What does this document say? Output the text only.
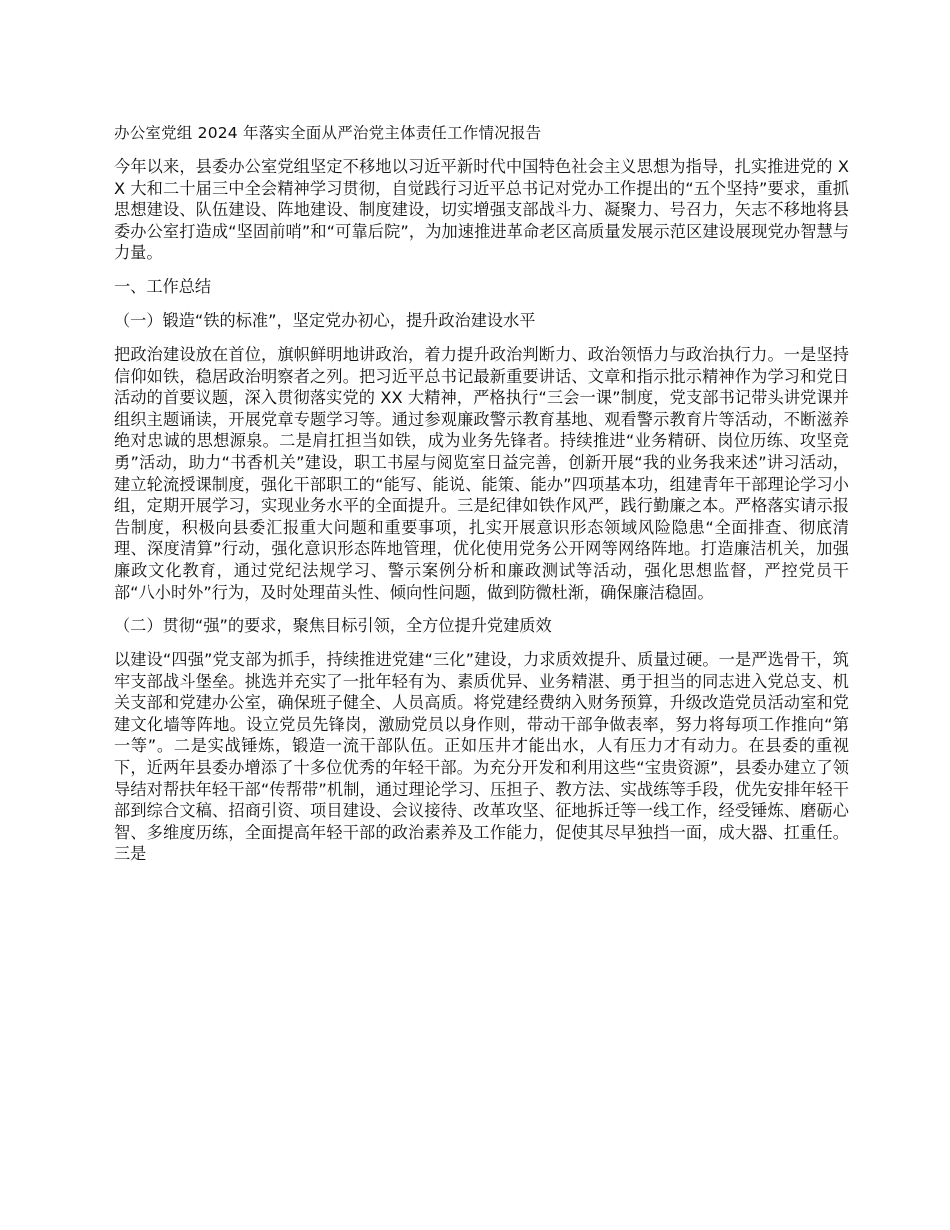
办公室党组 2024 年落实全面从严治党主体责任工作情况报告

今年以来，县委办公室党组坚定不移地以习近平新时代中国特色社会主义思想为指导，扎实推进党的 XX 大和二十届三中全会精神学习贯彻，自觉践行习近平总书记对党办工作提出的“五个坚持”要求，重抓思想建设、队伍建设、阵地建设、制度建设，切实增强支部战斗力、凝聚力、号召力，矢志不移地将县委办公室打造成“坚固前哨”和“可靠后院”，为加速推进革命老区高质量发展示范区建设展现党办智慧与力量。

一、工作总结
（一）锻造“铁的标准”，坚定党办初心，提升政治建设水平

把政治建设放在首位，旗帜鲜明地讲政治，着力提升政治判断力、政治领悟力与政治执行力。一是坚持信仰如铁，稳居政治明察者之列。把习近平总书记最新重要讲话、文章和指示批示精神作为学习和党日活动的首要议题，深入贯彻落实党的 XX 大精神，严格执行“三会一课”制度，党支部书记带头讲党课并组织主题诵读，开展党章专题学习等。通过参观廉政警示教育基地、观看警示教育片等活动，不断滋养绝对忠诚的思想源泉。二是肩扛担当如铁，成为业务先锋者。持续推进“业务精研、岗位历练、攻坚竞勇”活动，助力“书香机关”建设，职工书屋与阅览室日益完善，创新开展“我的业务我来述”讲习活动，建立轮流授课制度，强化干部职工的“能写、能说、能策、能办”四项基本功，组建青年干部理论学习小组，定期开展学习，实现业务水平的全面提升。三是纪律如铁作风严，践行勤廉之本。严格落实请示报告制度，积极向县委汇报重大问题和重要事项，扎实开展意识形态领域风险隐患“全面排查、彻底清理、深度清算”行动，强化意识形态阵地管理，优化使用党务公开网等网络阵地。打造廉洁机关，加强廉政文化教育，通过党纪法规学习、警示案例分析和廉政测试等活动，强化思想监督，严控党员干部“八小时外”行为，及时处理苗头性、倾向性问题，做到防微杜渐，确保廉洁稳固。

（二）贯彻“强”的要求，聚焦目标引领，全方位提升党建质效

以建设“四强”党支部为抓手，持续推进党建“三化”建设，力求质效提升、质量过硬。一是严选骨干，筑牢支部战斗堡垒。挑选并充实了一批年轻有为、素质优异、业务精湛、勇于担当的同志进入党总支、机关支部和党建办公室，确保班子健全、人员高质。将党建经费纳入财务预算，升级改造党员活动室和党建文化墙等阵地。设立党员先锋岗，激励党员以身作则，带动干部争做表率，努力将每项工作推向“第一等”。二是实战锤炼，锻造一流干部队伍。正如压井才能出水，人有压力才有动力。在县委的重视下，近两年县委办增添了十多位优秀的年轻干部。为充分开发和利用这些“宝贵资源”，县委办建立了领导结对帮扶年轻干部“传帮带”机制，通过理论学习、压担子、教方法、实战练等手段，优先安排年轻干部到综合文稿、招商引资、项目建设、会议接待、改革攻坚、征地拆迁等一线工作，经受锤炼、磨砺心智、多维度历练，全面提高年轻干部的政治素养及工作能力，促使其尽早独挡一面，成大器、扛重任。三是
